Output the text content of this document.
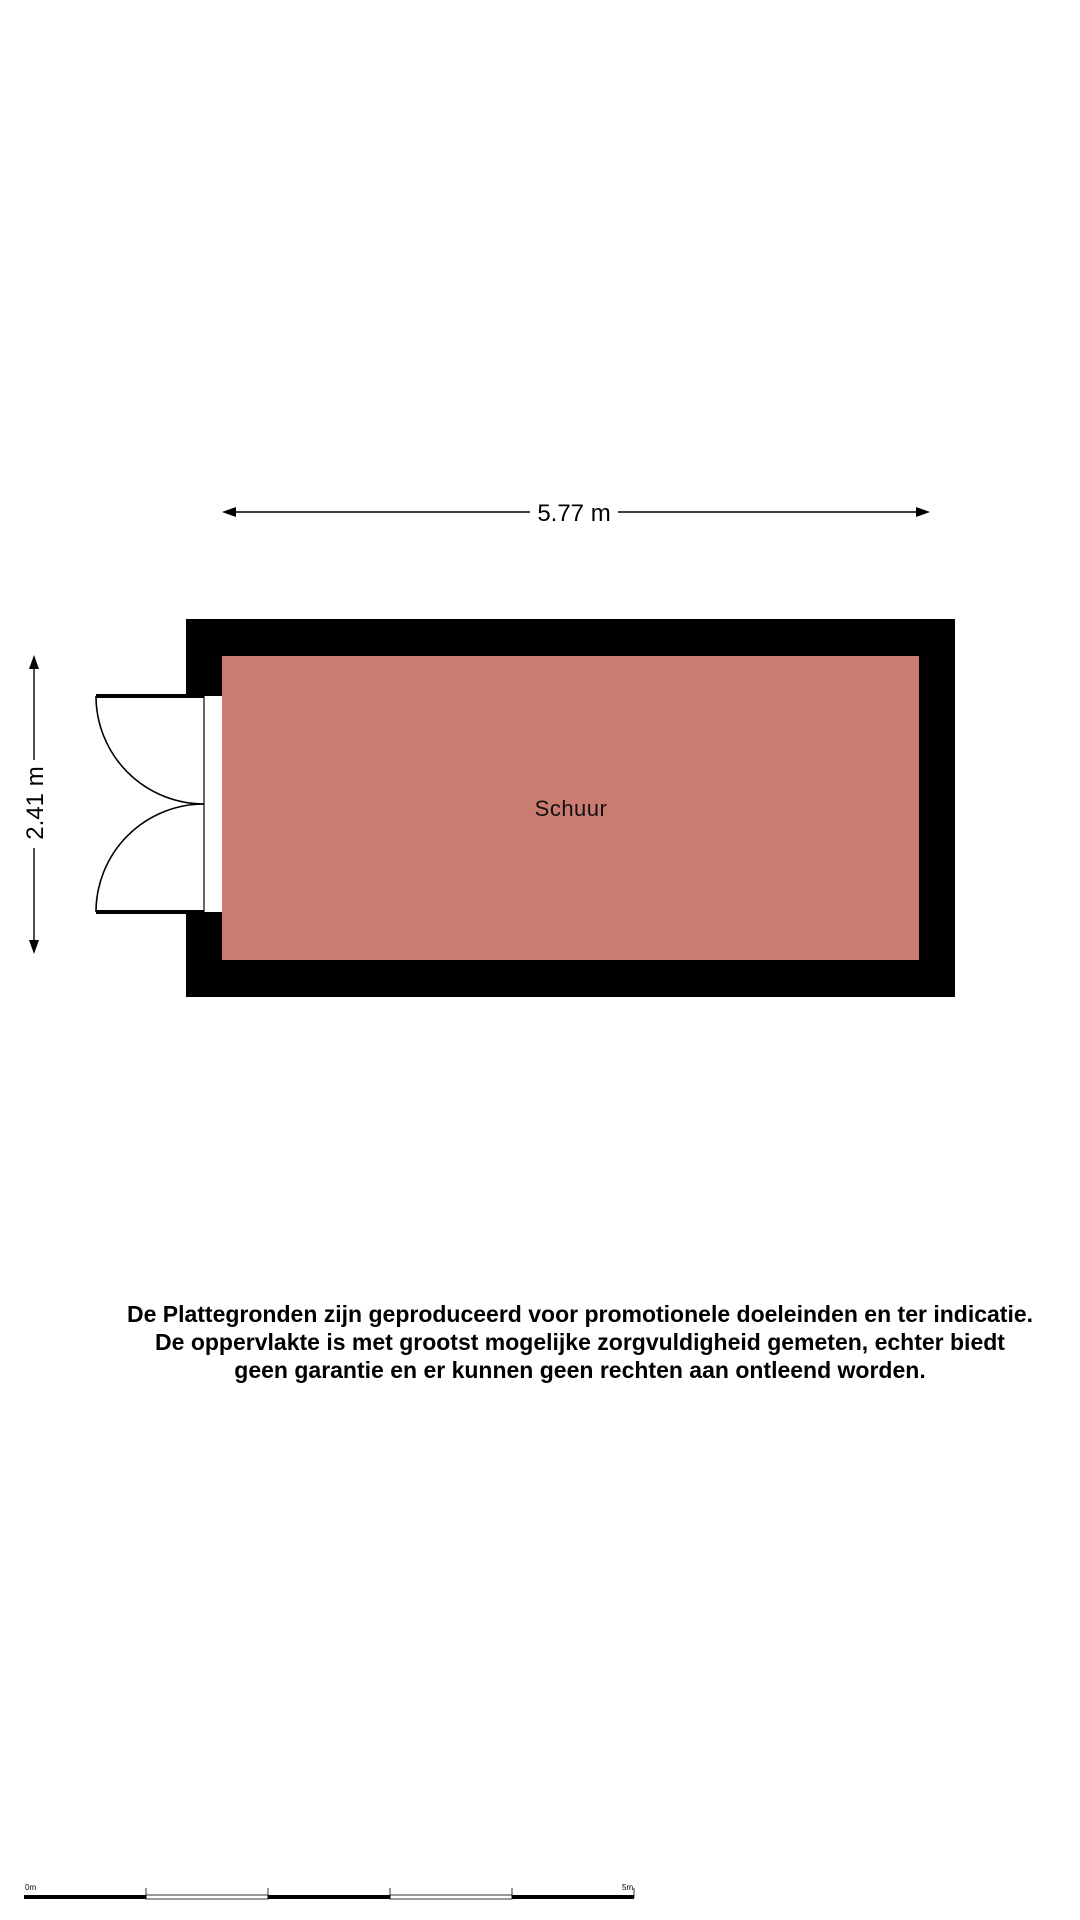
5.77 m
2.41 m	Schuur
0m	5m
De Plattegronden zijn geproduceerd voor promotionele doeleinden en ter indicatie.
De oppervlakte is met grootst mogelijke zorgvuldigheid gemeten, echter biedt
geen garantie en er kunnen geen rechten aan ontleend worden.
